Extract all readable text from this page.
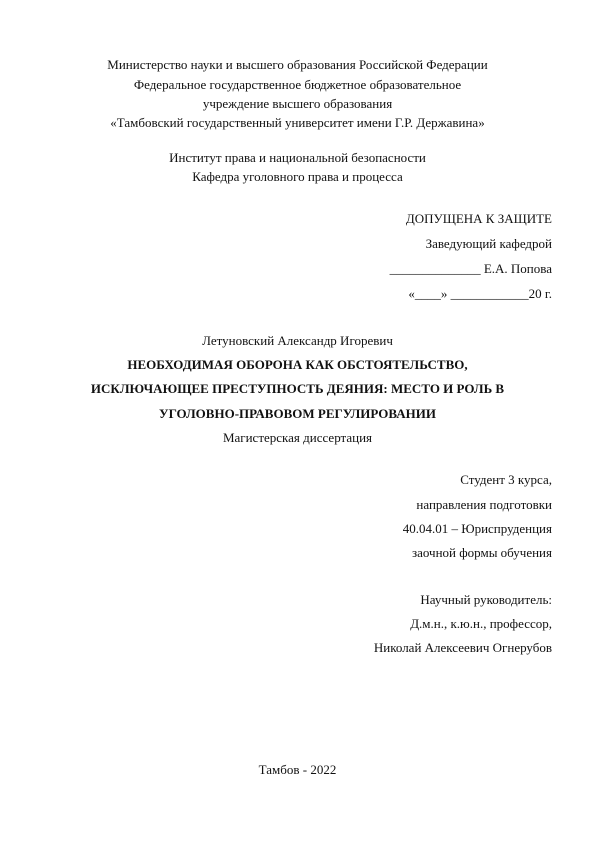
Министерство науки и высшего образования Российской Федерации
Федеральное государственное бюджетное образовательное
учреждение высшего образования
«Тамбовский государственный университет имени Г.Р. Державина»
Институт права и национальной безопасности
Кафедра уголовного права и процесса
ДОПУЩЕНА К ЗАЩИТЕ
Заведующий кафедрой
______________ Е.А. Попова
«____» ____________20 г.
Летуновский Александр Игоревич
НЕОБХОДИМАЯ ОБОРОНА КАК ОБСТОЯТЕЛЬСТВО,
ИСКЛЮЧАЮЩЕЕ ПРЕСТУПНОСТЬ ДЕЯНИЯ: МЕСТО И РОЛЬ В
УГОЛОВНО-ПРАВОВОМ РЕГУЛИРОВАНИИ
Магистерская диссертация
Студент 3 курса,
направления подготовки
40.04.01 – Юриспруденция
заочной формы обучения
Научный руководитель:
Д.м.н., к.ю.н., профессор,
Николай Алексеевич Огнерубов
Тамбов - 2022
